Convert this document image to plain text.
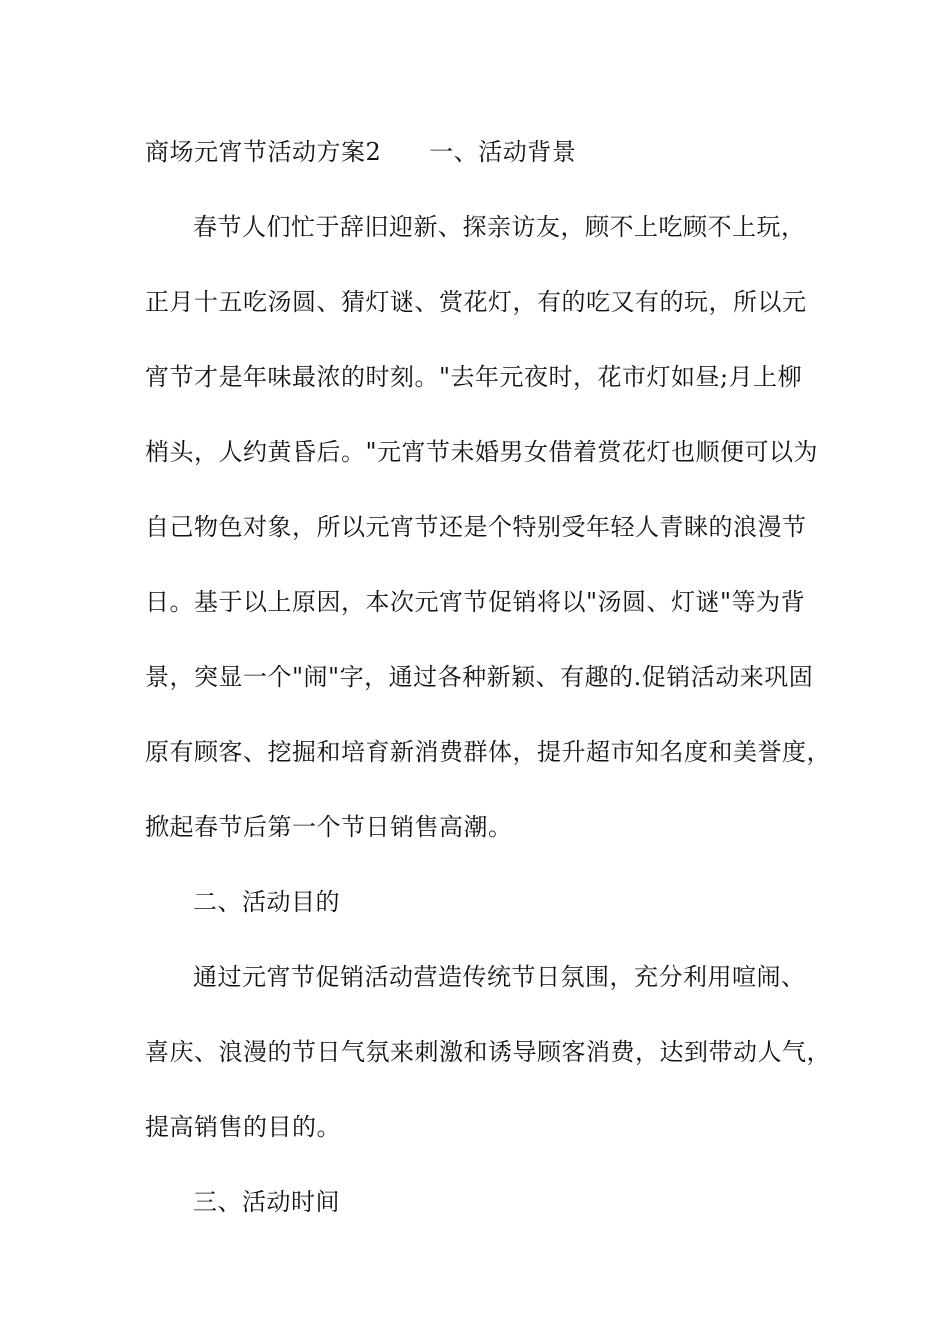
商场元宵节活动方案2 一、活动背景
春节人们忙于辞旧迎新、探亲访友，顾不上吃顾不上玩，
正月十五吃汤圆、猜灯谜、赏花灯，有的吃又有的玩，所以元
宵节才是年味最浓的时刻。"去年元夜时，花市灯如昼;月上柳
梢头，人约黄昏后。"元宵节未婚男女借着赏花灯也顺便可以为
自己物色对象，所以元宵节还是个特别受年轻人青睐的浪漫节
日。基于以上原因，本次元宵节促销将以"汤圆、灯谜"等为背
景，突显一个"闹"字，通过各种新颖、有趣的.促销活动来巩固
原有顾客、挖掘和培育新消费群体，提升超市知名度和美誉度，
掀起春节后第一个节日销售高潮。
二、活动目的
通过元宵节促销活动营造传统节日氛围，充分利用喧闹、
喜庆、浪漫的节日气氛来刺激和诱导顾客消费，达到带动人气，
提高销售的目的。
三、活动时间
